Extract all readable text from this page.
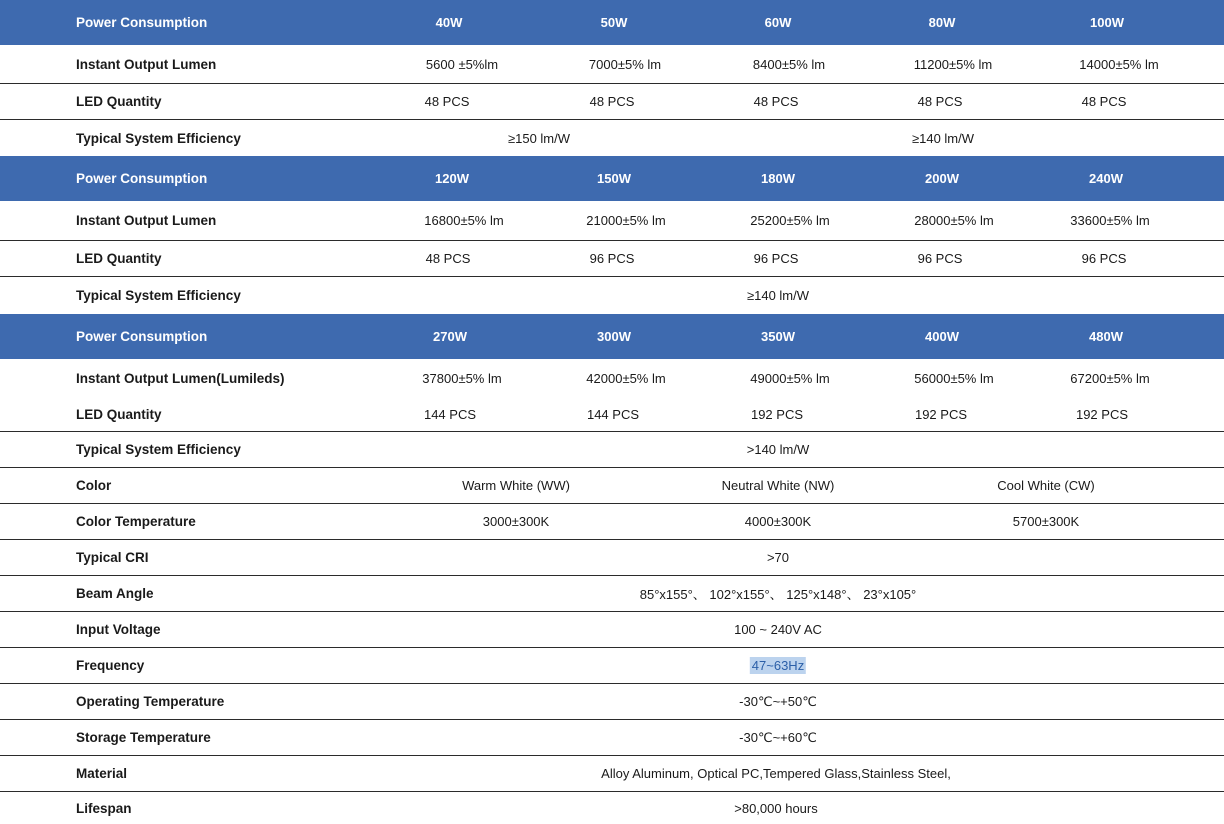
Power Consumption	40W	50W	60W	80W	100W
Instant Output Lumen	5600 ±5%lm	7000±5% lm	8400±5% lm	11200±5% lm	14000±5% lm
LED Quantity	48 PCS	48 PCS	48 PCS	48 PCS	48 PCS
Typical System Efficiency	≥150 lm/W	≥140 lm/W
Power Consumption	120W	150W	180W	200W	240W
Instant Output Lumen	16800±5% lm	21000±5% lm	25200±5% lm	28000±5% lm	33600±5% lm
LED Quantity	48 PCS	96 PCS	96 PCS	96 PCS	96 PCS
Typical System Efficiency	≥140 lm/W
Power Consumption	270W	300W	350W	400W	480W
Instant Output Lumen(Lumileds)	37800±5% lm	42000±5% lm	49000±5% lm	56000±5% lm	67200±5% lm
LED Quantity	144 PCS	144 PCS	192 PCS	192 PCS	192 PCS
Typical System Efficiency	>140 lm/W
Color	Warm White (WW)	Neutral White (NW)	Cool White (CW)
Color Temperature	3000±300K	4000±300K	5700±300K
Typical CRI	>70
Beam Angle	85°x155°、 102°x155°、 125°x148°、 23°x105°
Input Voltage	100 ~ 240V AC
Frequency	47~63Hz
Operating Temperature	-30℃~+50℃
Storage Temperature	-30℃~+60℃
Material	Alloy Aluminum, Optical PC,Tempered Glass,Stainless Steel,
Lifespan	>80,000 hours
